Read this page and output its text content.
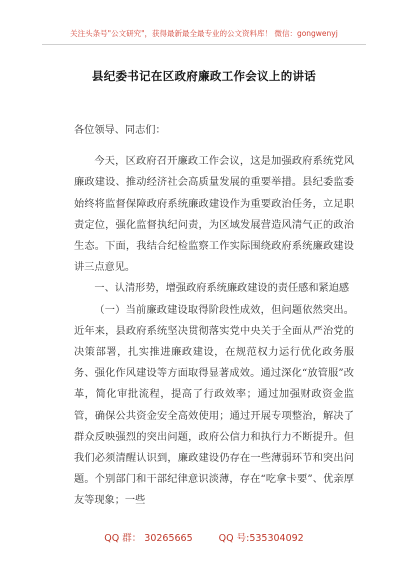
关注头条号"公文研究"，获得最新最全最专业的公文资料库！ 微信：gongwenyj
县纪委书记在区政府廉政工作会议上的讲话

各位领导、同志们：

今天，区政府召开廉政工作会议，这是加强政府系统党风廉政建设、推动经济社会高质量发展的重要举措。县纪委监委始终将监督保障政府系统廉政建设作为重要政治任务，立足职责定位，强化监督执纪问责，为区域发展营造风清气正的政治生态。下面，我结合纪检监察工作实际围绕政府系统廉政建设讲三点意见。

一、认清形势，增强政府系统廉政建设的责任感和紧迫感

（一）当前廉政建设取得阶段性成效，但问题依然突出。近年来，县政府系统坚决贯彻落实党中央关于全面从严治党的决策部署，扎实推进廉政建设，在规范权力运行优化政务服务、强化作风建设等方面取得显著成效。通过深化“放管服”改革，简化审批流程，提高了行政效率；通过加强财政资金监管，确保公共资金安全高效使用；通过开展专项整治，解决了群众反映强烈的突出问题，政府公信力和执行力不断提升。但我们必须清醒认识到，廉政建设仍存在一些薄弱环节和突出问题。个别部门和干部纪律意识淡薄，存在“吃拿卡要”、优亲厚友等现象；一些

QQ 群： 30265665	QQ 号:535304092
